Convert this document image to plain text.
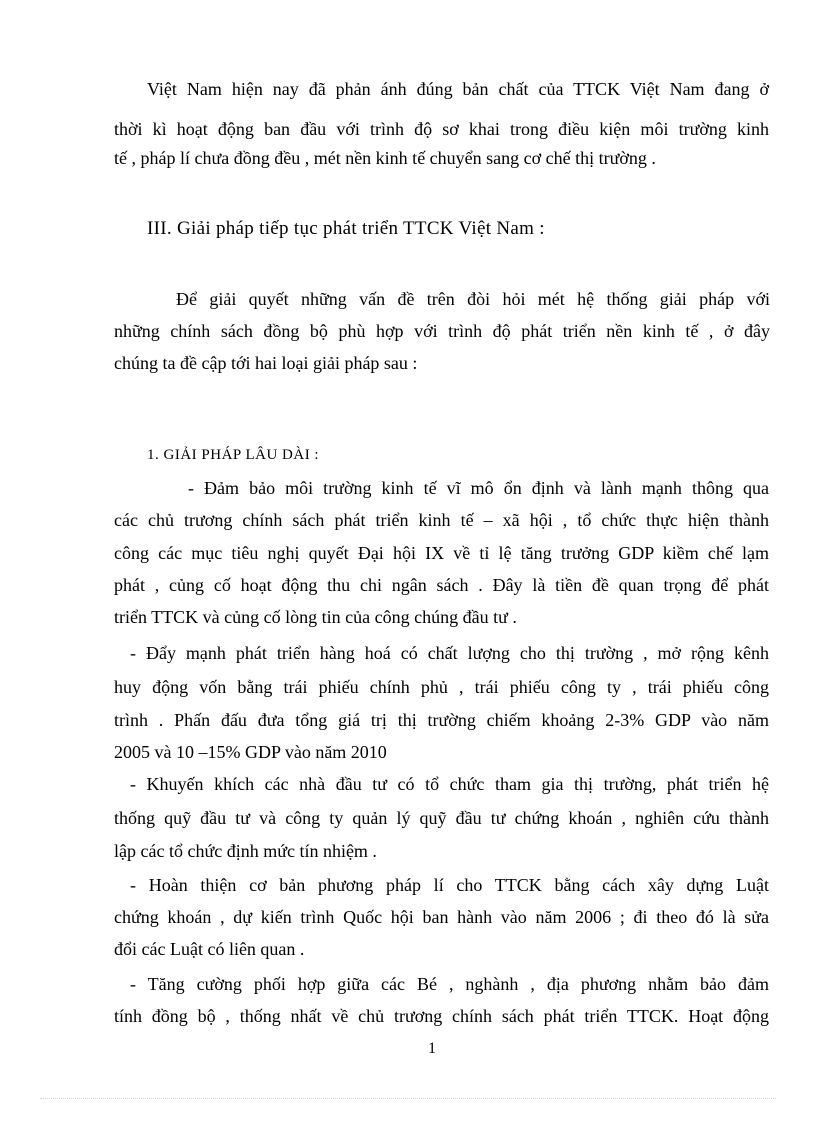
Việt Nam hiện nay đã phản ánh đúng bản chất của TTCK Việt Nam đang ở
thời kì hoạt động ban đầu với trình độ sơ khai trong điều kiện môi trường kinh
tế , pháp lí chưa đồng đều , mét nền kinh tế chuyển sang cơ chế thị trường .
III. Giải pháp tiếp tục phát triển TTCK Việt Nam :
Để giải quyết những vấn đề trên đòi hỏi mét hệ thống giải pháp với
những chính sách đồng bộ phù hợp với trình độ phát triển nền kinh tế , ở đây
chúng ta đề cập tới hai loại giải pháp sau :
1. GIẢI PHÁP LÂU DÀI :
- Đảm bảo môi trường kinh tế vĩ mô ổn định và lành mạnh thông qua
các chủ trương chính sách phát triển kinh tế – xã hội , tổ chức thực hiện thành
công các mục tiêu nghị quyết Đại hội IX về tỉ lệ tăng trưởng GDP kiềm chế lạm
phát , củng cố hoạt động thu chi ngân sách . Đây là tiền đề quan trọng để phát
triển TTCK và củng cố lòng tin của công chúng đầu tư .
- Đẩy mạnh phát triển hàng hoá có chất lượng cho thị trường , mở rộng kênh
huy động vốn bằng trái phiếu chính phủ , trái phiếu công ty , trái phiếu công
trình . Phấn đấu đưa tổng giá trị thị trường chiếm khoảng 2-3% GDP vào năm
2005 và 10 –15% GDP vào năm 2010
- Khuyến khích các nhà đầu tư có tổ chức tham gia thị trường, phát triển hệ
thống quỹ đầu tư và công ty quản lý quỹ đầu tư chứng khoán , nghiên cứu thành
lập các tổ chức định mức tín nhiệm .
- Hoàn thiện cơ bản phương pháp lí cho TTCK bằng cách xây dựng Luật
chứng khoán , dự kiến trình Quốc hội ban hành vào năm 2006 ; đi theo đó là sửa
đổi các Luật có liên quan .
- Tăng cường phối hợp giữa các Bé , nghành , địa phương nhằm bảo đảm
tính đồng bộ , thống nhất về chủ trương chính sách phát triển TTCK. Hoạt động
1
